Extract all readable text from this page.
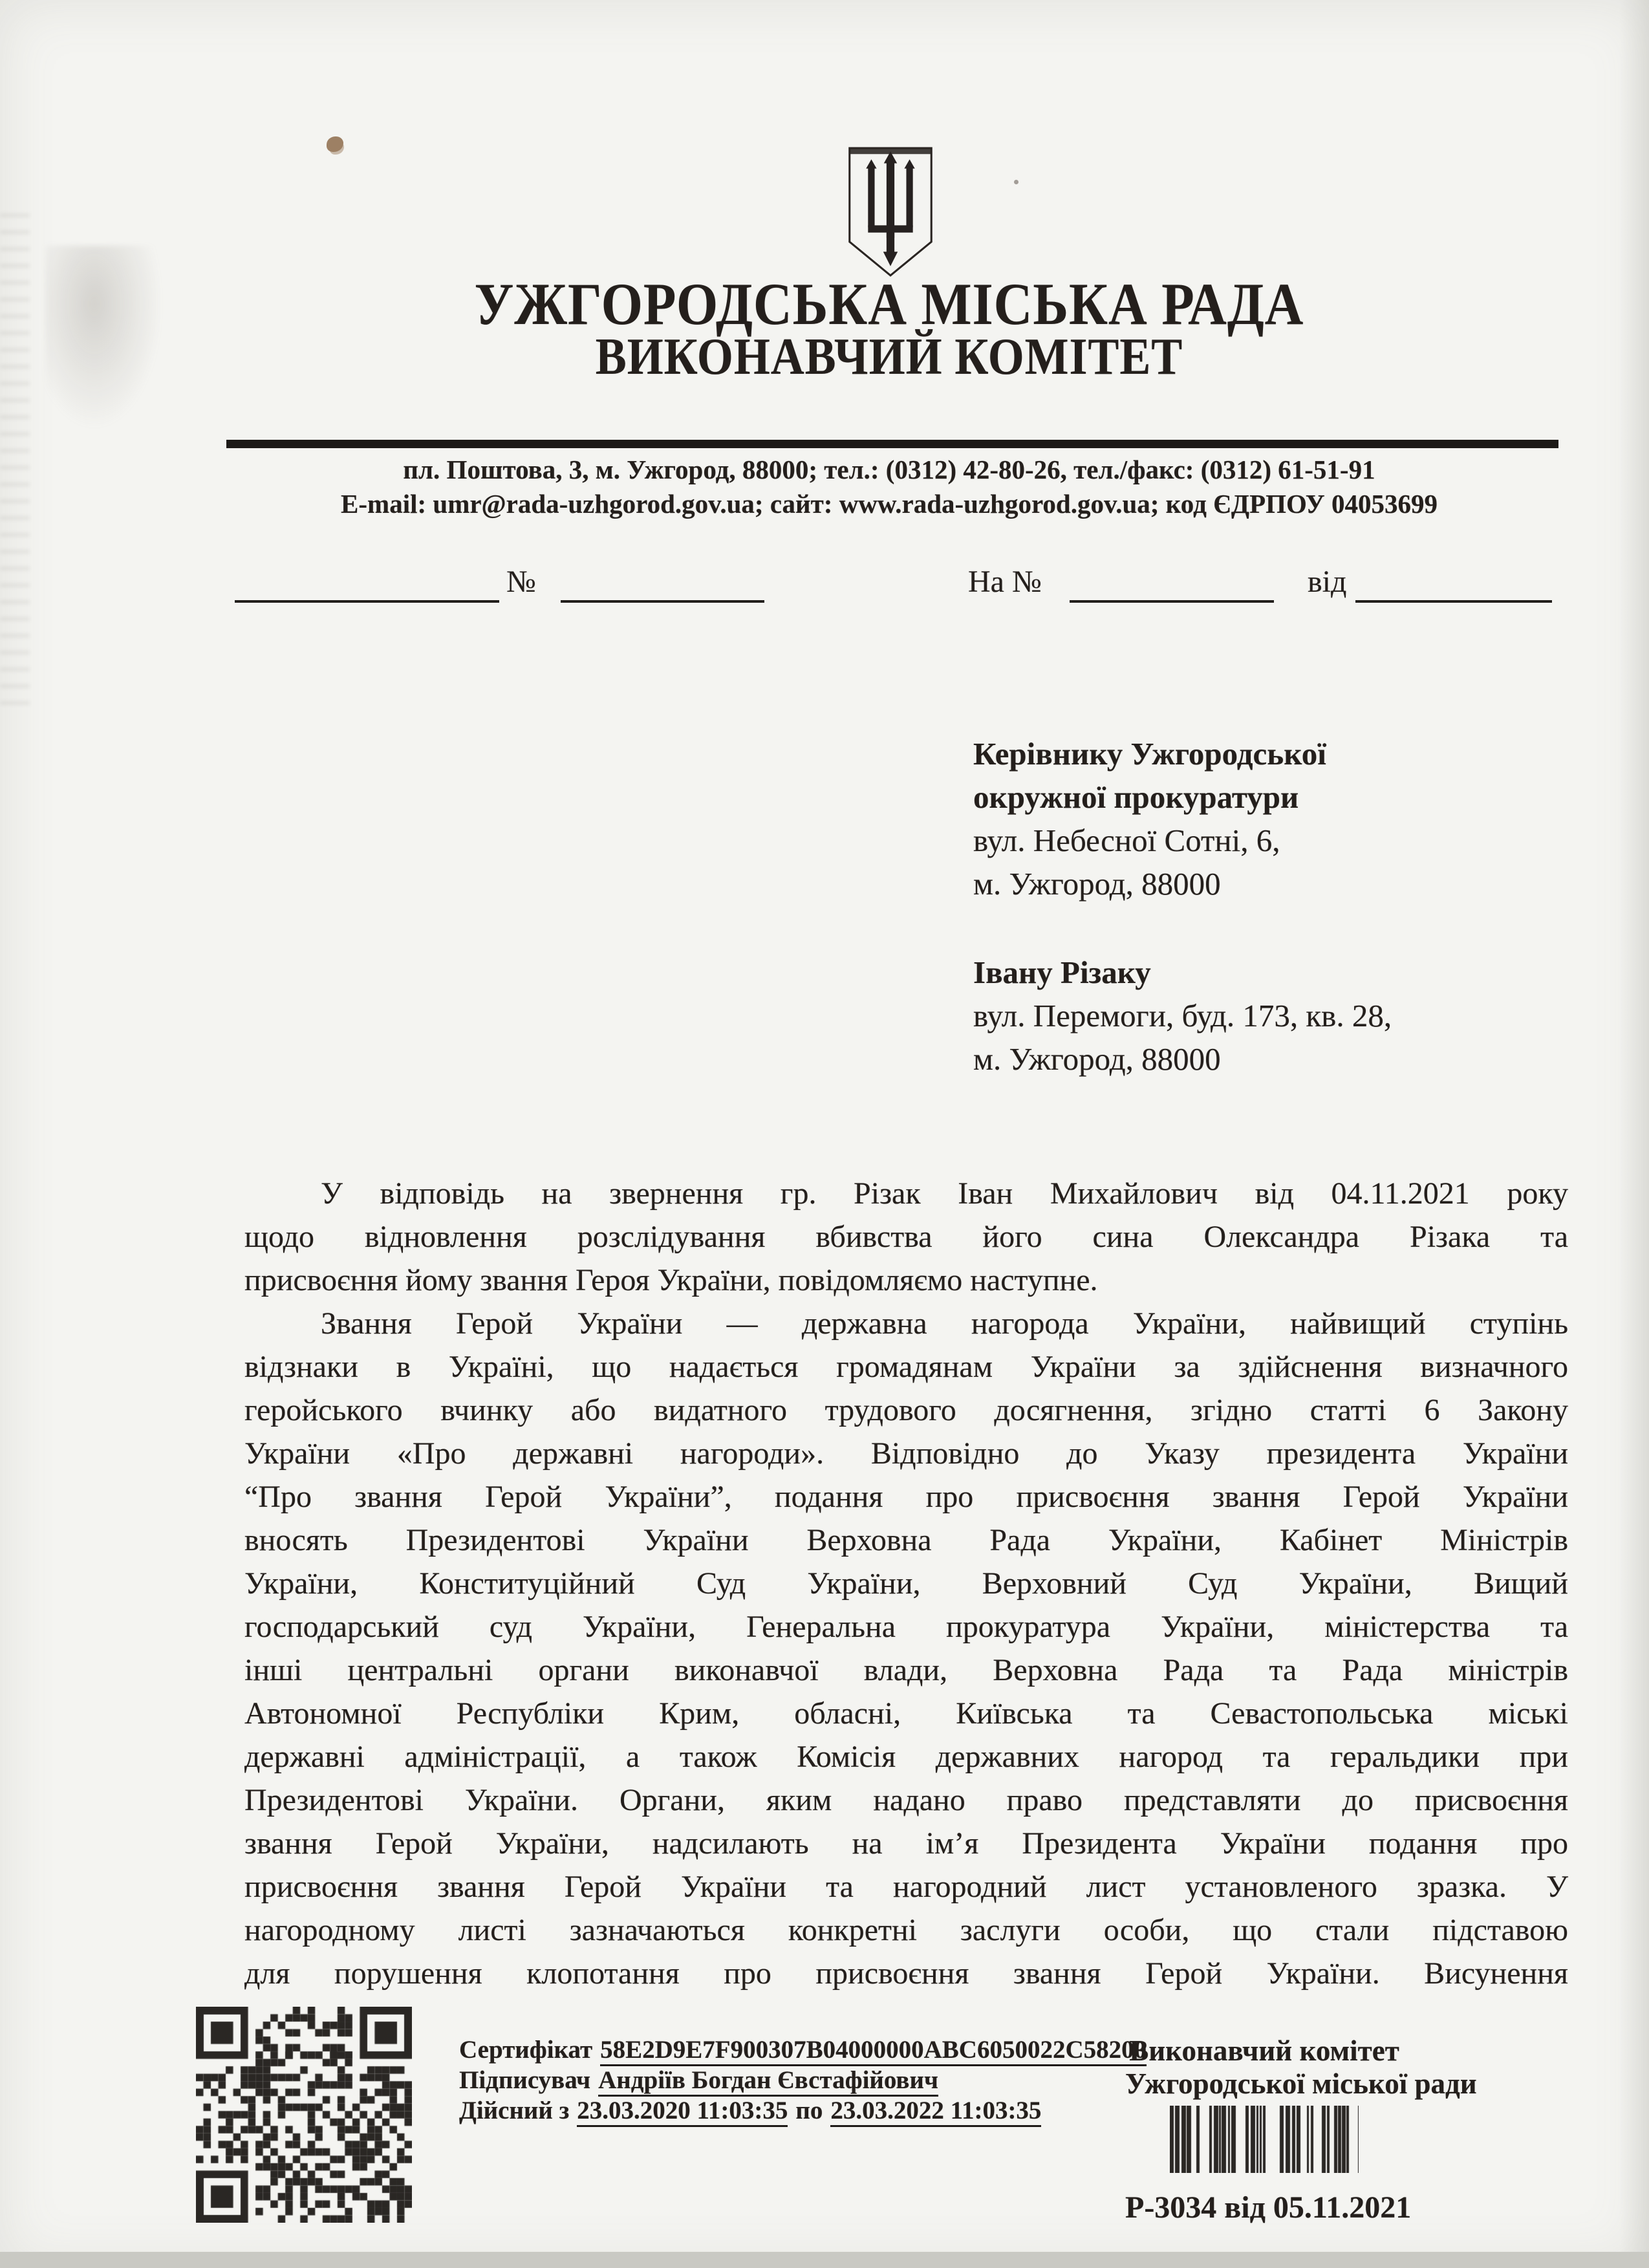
УЖГОРОДСЬКА МІСЬКА РАДА
ВИКОНАВЧИЙ КОМІТЕТ
пл. Поштова, 3, м. Ужгород, 88000; тел.: (0312) 42-80-26, тел./факс: (0312) 61-51-91
E-mail: umr@rada-uzhgorod.gov.ua; сайт: www.rada-uzhgorod.gov.ua; код ЄДРПОУ 04053699
№	На №	від
Керівнику Ужгородської
окружної прокуратури
вул. Небесної Сотні, 6,
м. Ужгород, 88000
Івану Різаку
вул. Перемоги, буд. 173, кв. 28,
м. Ужгород, 88000
У відповідь на звернення гр. Різак Іван Михайлович від 04.11.2021 року
щодо відновлення розслідування вбивства його сина Олександра Різака та
присвоєння йому звання Героя України, повідомляємо наступне.
Звання Герой України — державна нагорода України, найвищий ступінь
відзнаки в Україні, що надається громадянам України за здійснення визначного
геройського вчинку або видатного трудового досягнення, згідно статті 6 Закону
України «Про державні нагороди». Відповідно до Указу президента України
“Про звання Герой України”, подання про присвоєння звання Герой України
вносять Президентові України Верховна Рада України, Кабінет Міністрів
України, Конституційний Суд України, Верховний Суд України, Вищий
господарський суд України, Генеральна прокуратура України, міністерства та
інші центральні органи виконавчої влади, Верховна Рада та Рада міністрів
Автономної Республіки Крим, обласні, Київська та Севастопольська міські
державні адміністрації, а також Комісія державних нагород та геральдики при
Президентові України. Органи, яким надано право представляти до присвоєння
звання Герой України, надсилають на ім’я Президента України подання про
присвоєння звання Герой України та нагородний лист установленого зразка. У
нагородному листі зазначаються конкретні заслуги особи, що стали підставою
для порушення клопотання про присвоєння звання Герой України. Висунення
Сертифікат 58E2D9E7F900307B04000000ABC6050022C58200
Підписувач Андріїв Богдан Євстафійович
Дійсний з 23.03.2020 11:03:35 по 23.03.2022 11:03:35
Виконавчий комітет
Ужгородської міської ради
Р-3034 від 05.11.2021
